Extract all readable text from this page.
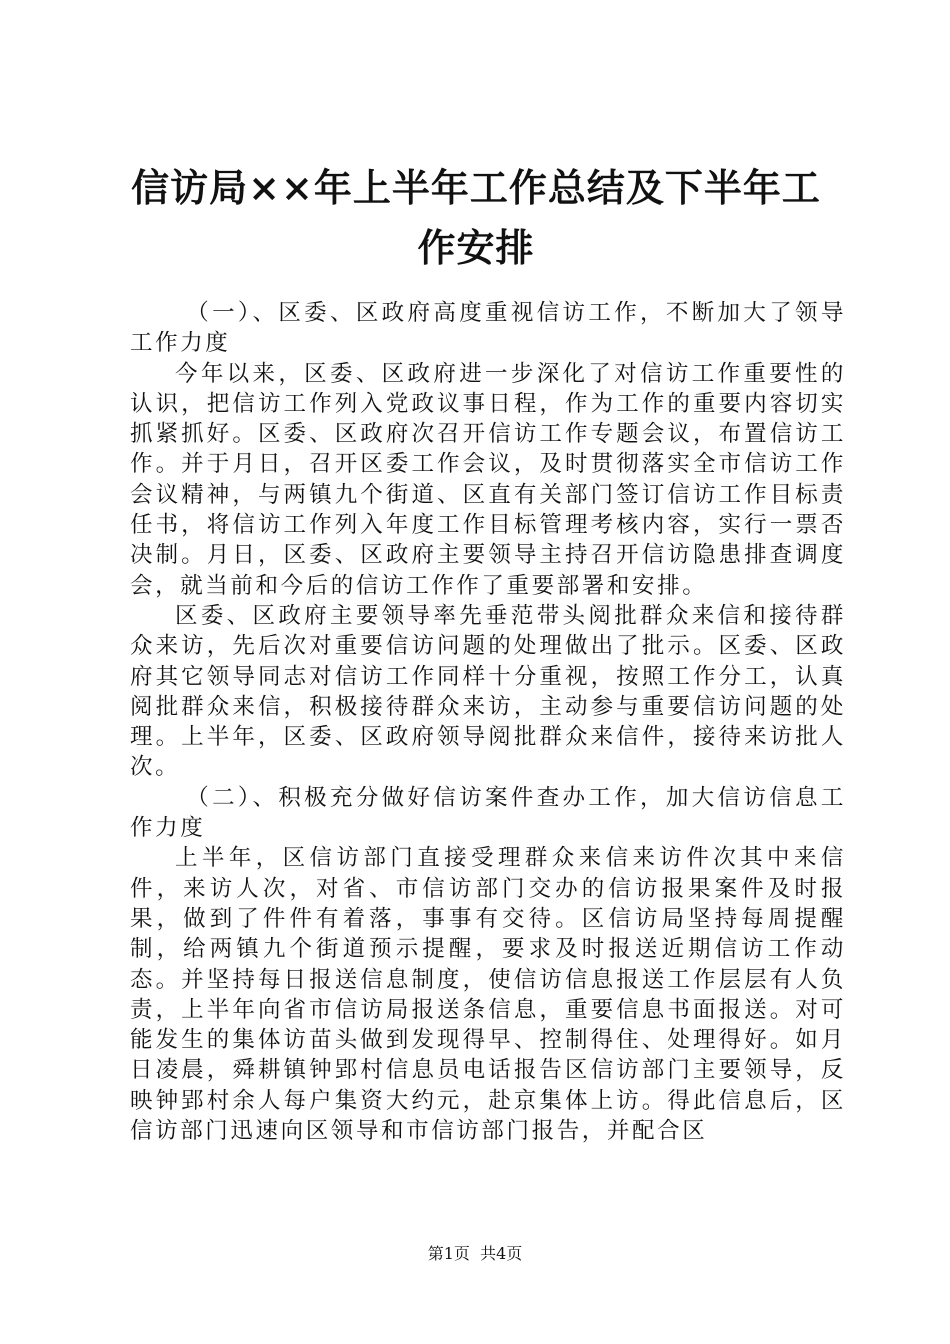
信访局××年上半年工作总结及下半年工作安排

（一）、区委、区政府高度重视信访工作，不断加大了领导工作力度

今年以来，区委、区政府进一步深化了对信访工作重要性的认识，把信访工作列入党政议事日程，作为工作的重要内容切实抓紧抓好。区委、区政府次召开信访工作专题会议，布置信访工作。并于月日，召开区委工作会议，及时贯彻落实全市信访工作会议精神，与两镇九个街道、区直有关部门签订信访工作目标责任书，将信访工作列入年度工作目标管理考核内容，实行一票否决制。月日，区委、区政府主要领导主持召开信访隐患排查调度会，就当前和今后的信访工作作了重要部署和安排。

区委、区政府主要领导率先垂范带头阅批群众来信和接待群众来访，先后次对重要信访问题的处理做出了批示。区委、区政府其它领导同志对信访工作同样十分重视，按照工作分工，认真阅批群众来信，积极接待群众来访，主动参与重要信访问题的处理。上半年，区委、区政府领导阅批群众来信件，接待来访批人次。

（二）、积极充分做好信访案件查办工作，加大信访信息工作力度

上半年，区信访部门直接受理群众来信来访件次其中来信件，来访人次，对省、市信访部门交办的信访报果案件及时报果，做到了件件有着落，事事有交待。区信访局坚持每周提醒制，给两镇九个街道预示提醒，要求及时报送近期信访工作动态。并坚持每日报送信息制度，使信访信息报送工作层层有人负责，上半年向省市信访局报送条信息，重要信息书面报送。对可能发生的集体访苗头做到发现得早、控制得住、处理得好。如月日凌晨，舜耕镇钟郢村信息员电话报告区信访部门主要领导，反映钟郢村余人每户集资大约元，赴京集体上访。得此信息后，区信访部门迅速向区领导和市信访部门报告，并配合区

第1页 共4页
